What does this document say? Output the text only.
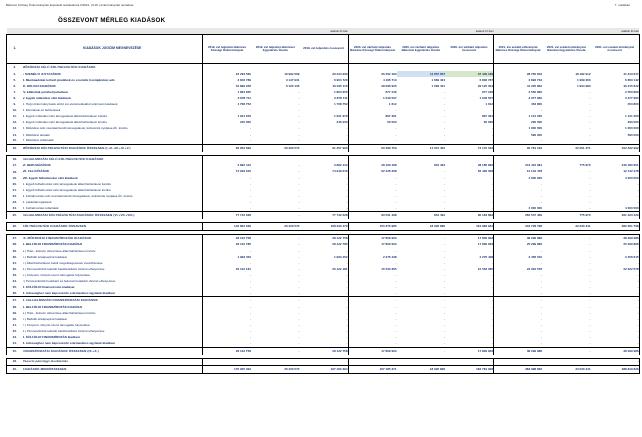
Bánréve Község Önkormányzati képviselő testületének 2/2021. (II.15.) önkormányzati rendelete	7. melléklet
ÖSSZEVONT MÉRLEG KIADÁSOK
		adatok Ft-ban			adatok Ft-ban			adatok Ft-ban		
1.	KIADÁSOK JOGCÍM MEGNEVEZÉSE	2019. évi teljesítés Bánréve Községi Önkormányzat	2019. évi teljesítés Bánrévei Egyetértés Óvoda	2019. évi teljesítés összevont	2020. évi várható teljesítés Bánréve Községi Önkormányzat	2020. évi várható teljesítés Bánrévei Egyetértés Óvoda	2020. évi várható teljesítés összevont	2021. évi eredeti előirányzat Bánréve Községi Önkormányzat	2021. évi eredeti előirányzat Bánrévei Egyetértés Óvoda	2021. évi eredeti előirányzat összevont
3.	MŰKÖDÉSI CÉLÚ KÖLTSÉGVETÉSI KIADÁSOK									
4.	I. SZEMÉLYI JUTTATÁSOK	22 293 560	16 992 569	39 224 909	26 462 183	11 057 007	37 449 189	28 760 816	18 182 912	41 613 617
5.	II. Munkaadókat terhelő járulékok és szociális hozzájárulási adó	3 816 789	3 147 931	6 964 720	4 166 713	1 669 404	6 836 787	3 893 733	1 969 360	6 863 142
6.	III. DOLOGI KIADÁSOK	34 899 978	6 135 135	40 035 115	28 096 905	1 028 401	29 125 304	41 220 862	1 994 980	46 215 842
7.	IV. Ellátottak pénzbeli juttatásai	1 864 655	-	1 864 655	677 246	-	677 246	2 550 860	-	2 550 860
8.	V. Egyéb működési célú kiadások	3 878 711	-	3 878 711	1 049 507	-	1 049 507	3 377 960	-	3 377 960
9.	1. Helyi önkormányzatok előző évi elszámolásából származó kiadások	1 708 752	-	1 708 752	1 612	-	1 612	453 800	-	453 800
10.	2. Elvonások és befizetések	-	-	-	-	-	-	-	-	-
11.	3. Egyéb működési célú támogatások államháztartáson belülre	1 921 979	-	1 921 979	897 391	-	897 391	1 121 260	-	1 121 260
12.	4. Egyéb működési célú támogatások államháztartáson kívülre	245 000	-	245 000	60 000	-	60 000	290 000	-	290 000
13.	5. Működési célú visszatérítendő támogatások, kölcsönök nyújtása Áh. kívülre	-	-	-	-	-	-	1 000 000	-	1 000 000
14.	6. Működési tartalék	-	-	-	-	-	-	590 000	-	590 000
15.	7. Működési céltartalék	-	-	-	-	-	-	-	-	-
16.	MŰKÖDÉSI KÖLTSÉGVETÉSI KIADÁSOK ÖSSZESEN (I.+II.+III.+IV.+V.)	66 953 693	26 290 570	91 257 993	60 399 759	14 072 402	74 170 042	90 781 193	22 061 371	152 332 992

18.	FELHALMOZÁSI CÉLÚ KÖLTSÉGVETÉSI KIADÁSOK									
17.	VI. BERUHÁZÁSOK	3 892 412	-	3 892 412	28 109 168	954 494	28 180 892	244 404 981	775 970	246 180 951
18.	VII. FELÚJÍTÁSOK	74 949 616	-	74 949 616	62 426 308	-	62 426 308	12 142 478	-	12 142 478
19.	VIII. Egyéb felhalmozási célú kiadások	-	-	-	-	-	-	4 000 000	-	4 000 000
20.	1. Egyéb felhalmozási célú támogatások államháztartáson belülre	-	-	-	-	-	-	-	-	-
21.	2. Egyéb felhalmozási célú támogatások államháztartáson kívülre	-	-	-	-	-	-	-	-	-
22.	3. Felhalmozási célú visszatérítendő támogatások, kölcsönök nyújtása Áh. kívülre	-	-	-	-	-	-	-	-	-
23.	4. Lakástámogatások	-	-	-	-	-	-	-	-	-
24.	5. Felhalmozási céltartalék	-	-	-	-	-	-	4 000 000	-	4 000 000
25.	FELHALMOZÁSI KÖLTSÉGVETÉSI KIADÁSOK ÖSSZESEN (VI.+VII.+VIII.)	77 742 028	-	77 742 028	90 531 498	954 494	90 184 892	260 547 469	775 970	261 323 429

26.	KÖLTSÉGVETÉSI KIADÁSOK ÖSSZESEN	143 802 639	26 230 570	168 333 479	150 376 985	18 026 896	164 983 934	343 728 798	22 033 341	382 061 798

27.	IX. MŰKÖDÉSI FINANSZÍROZÁSI KIADÁSOK	28 122 758	-	28 122 758	17 809 903	-	17 809 903	38 299 986	-	38 299 986
28.	1. BELFÖLDI FINANSZÍROZÁS KIADÁSAI	28 122 785	-	28 122 785	17 809 903	-	17 809 903	25 299 896	-	25 299 896
29.	a.) Hitel-, kölcsön törlesztése államháztartáson kívülre	-	-	-	-	-	-	-	-	-
30.	b.) Belföldi értékpapírok kiadásai	1 993 452	-	1 993 452	2 276 438	-	2 276 438	3 456 615	-	3 456 615
31.	c.) Államháztartáson belüli megelőlegezések visszafizetése	-	-	-	-	-	-	-	-	-
32.	d.) Pénzeszközök lekötött bankbetétként történő elhelyezése	26 122 181	-	26 122 181	15 533 365	-	15 533 365	22 022 578	-	22 022 578
33.	e.) Központi, irányító szervi támogatás folyósítása	-	-	-	-	-	-	-	-	-
34.	f.) Pénzeszközök betétként és fedezeti betétként történő elhelyezése	-	-	-	-	-	-	-	-	-
35.	2. KÜLFÖLDI finanszírozás kiadásai	-	-	-	-	-	-	-	-	-
36.	3. Adóssághoz nem kapcsolódó származékos ügyletek kiadásai	-	-	-	-	-	-	-	-	-
37.	2. FELHALMOZÁSI FINANSZÍROZÁSI KIADÁSOK	-	-	-	-	-	-	-	-	-
38.	1. BELFÖLDI FINANSZÍROZÁS KIADÁSAI	-	-	-	-	-	-	-	-	-
39.	a.) Hitel-, kölcsön törlesztése államháztartáson kívülre	-	-	-	-	-	-	-	-	-
40.	b.) Belföldi értékpapírok kiadásai	-	-	-	-	-	-	-	-	-
41.	c.) Központi, irányító szervi támogatás folyósítása	-	-	-	-	-	-	-	-	-
42.	d.) Pénzeszközök lekötött bankbetétként történő elhelyezése	-	-	-	-	-	-	-	-	-
43.	2. KÜLFÖLDI FINANSZÍROZÁS kiadásai	-	-	-	-	-	-	-	-	-
44.	3. Adóssághoz nem kapcsolódó származékos ügyletek kiadásai	-	-	-	-	-	-	-	-	-
45.	FINANSZÍROZÁSI KIADÁSOK ÖSSZESEN (IX.+X.)	28 122 758	-	28 122 758	17 809 903	-	17 809 903	38 299 986	-	38 299 986

18.	Passzív pénzügyi elszámolás			-			-			-
46.	KIADÁSOK MINDÖSSZESEN	170 925 394	26 230 570	197 162 394	167 185 371	18 026 896	182 781 936	383 998 826	23 033 341	388 819 826
